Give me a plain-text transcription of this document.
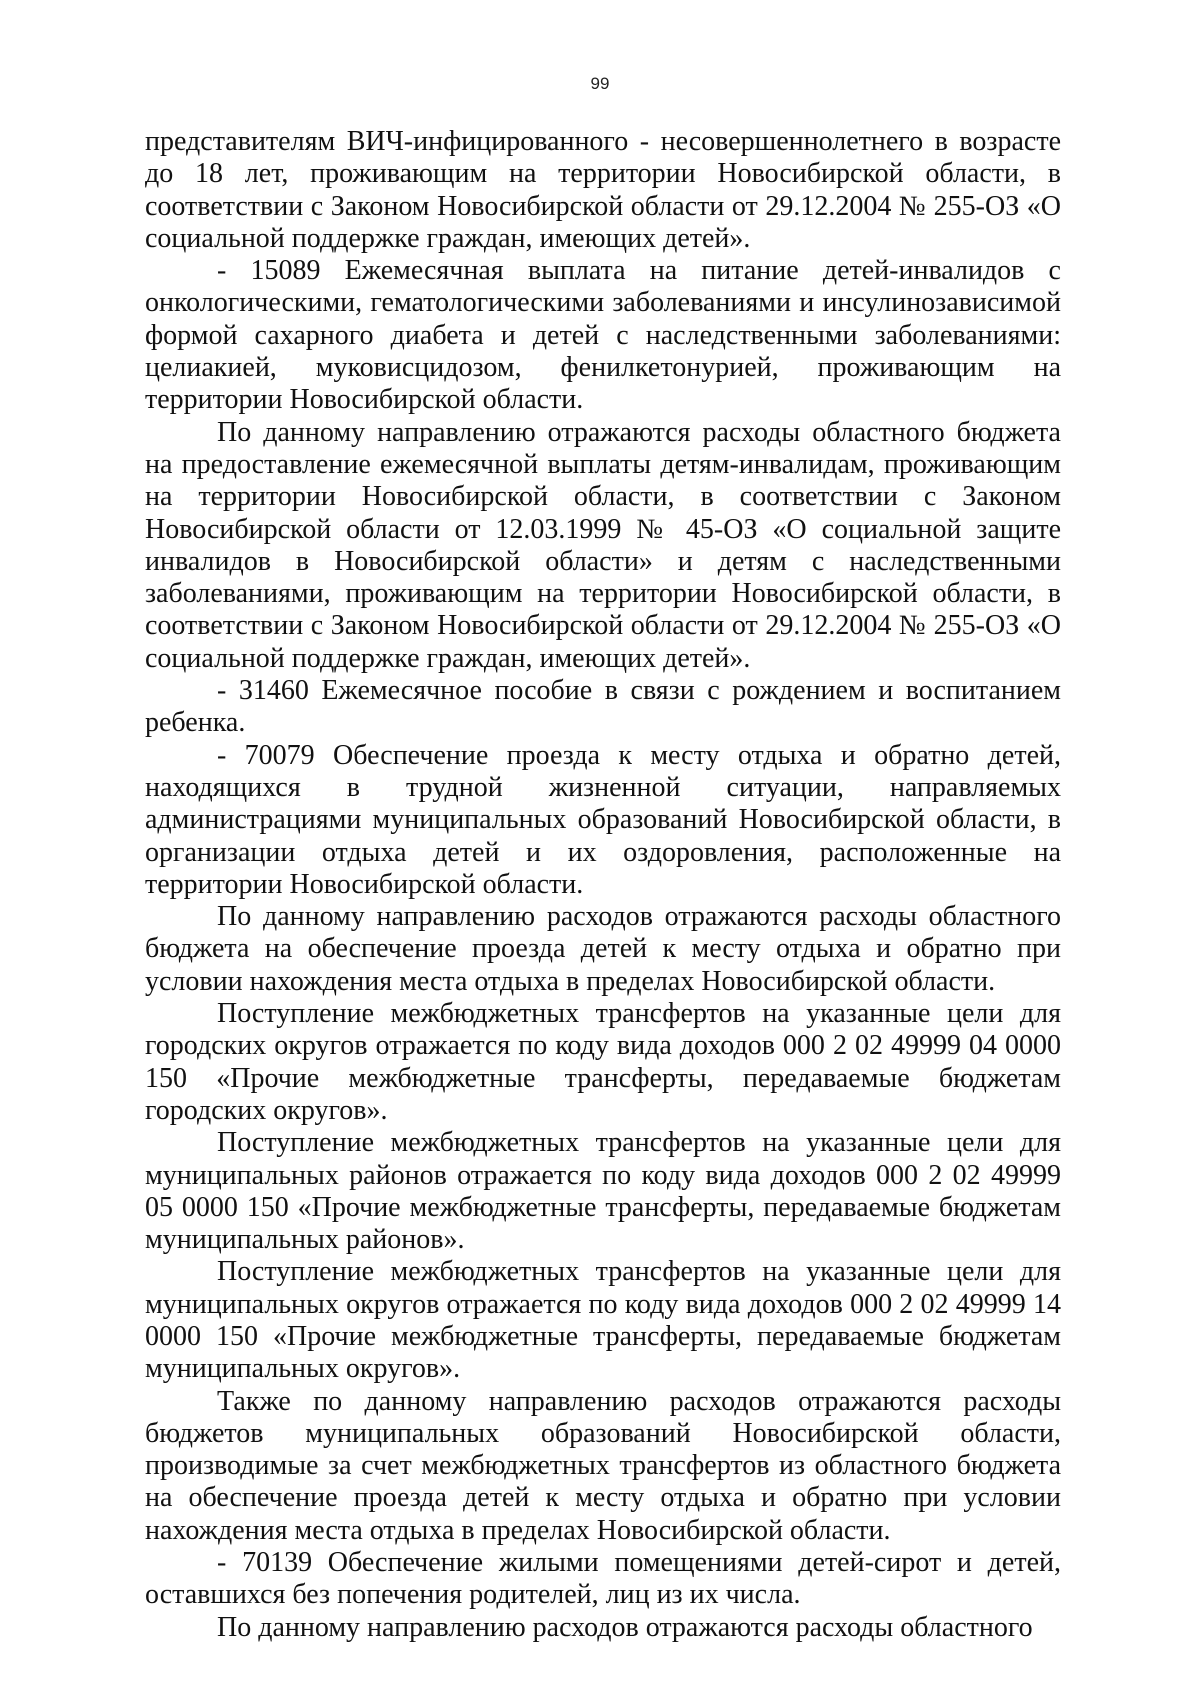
99

представителям ВИЧ-инфицированного - несовершеннолетнего в возрасте до 18 лет, проживающим на территории Новосибирской области, в соответствии с Законом Новосибирской области от 29.12.2004 № 255-ОЗ «О социальной поддержке граждан, имеющих детей».

- 15089 Ежемесячная выплата на питание детей-инвалидов с онкологическими, гематологическими заболеваниями и инсулинозависимой формой сахарного диабета и детей с наследственными заболеваниями: целиакией, муковисцидозом, фенилкетонурией, проживающим на территории Новосибирской области.

По данному направлению отражаются расходы областного бюджета на предоставление ежемесячной выплаты детям-инвалидам, проживающим на территории Новосибирской области, в соответствии с Законом Новосибирской области от 12.03.1999 № 45-ОЗ «О социальной защите инвалидов в Новосибирской области» и детям с наследственными заболеваниями, проживающим на территории Новосибирской области, в соответствии с Законом Новосибирской области от 29.12.2004 № 255-ОЗ «О социальной поддержке граждан, имеющих детей».

- 31460 Ежемесячное пособие в связи с рождением и воспитанием ребенка.

- 70079 Обеспечение проезда к месту отдыха и обратно детей, находящихся в трудной жизненной ситуации, направляемых администрациями муниципальных образований Новосибирской области, в организации отдыха детей и их оздоровления, расположенные на территории Новосибирской области.

По данному направлению расходов отражаются расходы областного бюджета на обеспечение проезда детей к месту отдыха и обратно при условии нахождения места отдыха в пределах Новосибирской области.

Поступление межбюджетных трансфертов на указанные цели для городских округов отражается по коду вида доходов 000 2 02 49999 04 0000 150 «Прочие межбюджетные трансферты, передаваемые бюджетам городских округов».

Поступление межбюджетных трансфертов на указанные цели для муниципальных районов отражается по коду вида доходов 000 2 02 49999 05 0000 150 «Прочие межбюджетные трансферты, передаваемые бюджетам муниципальных районов».

Поступление межбюджетных трансфертов на указанные цели для муниципальных округов отражается по коду вида доходов 000 2 02 49999 14 0000 150 «Прочие межбюджетные трансферты, передаваемые бюджетам муниципальных округов».

Также по данному направлению расходов отражаются расходы бюджетов муниципальных образований Новосибирской области, производимые за счет межбюджетных трансфертов из областного бюджета на обеспечение проезда детей к месту отдыха и обратно при условии нахождения места отдыха в пределах Новосибирской области.

- 70139 Обеспечение жилыми помещениями детей-сирот и детей, оставшихся без попечения родителей, лиц из их числа.

По данному направлению расходов отражаются расходы областного
